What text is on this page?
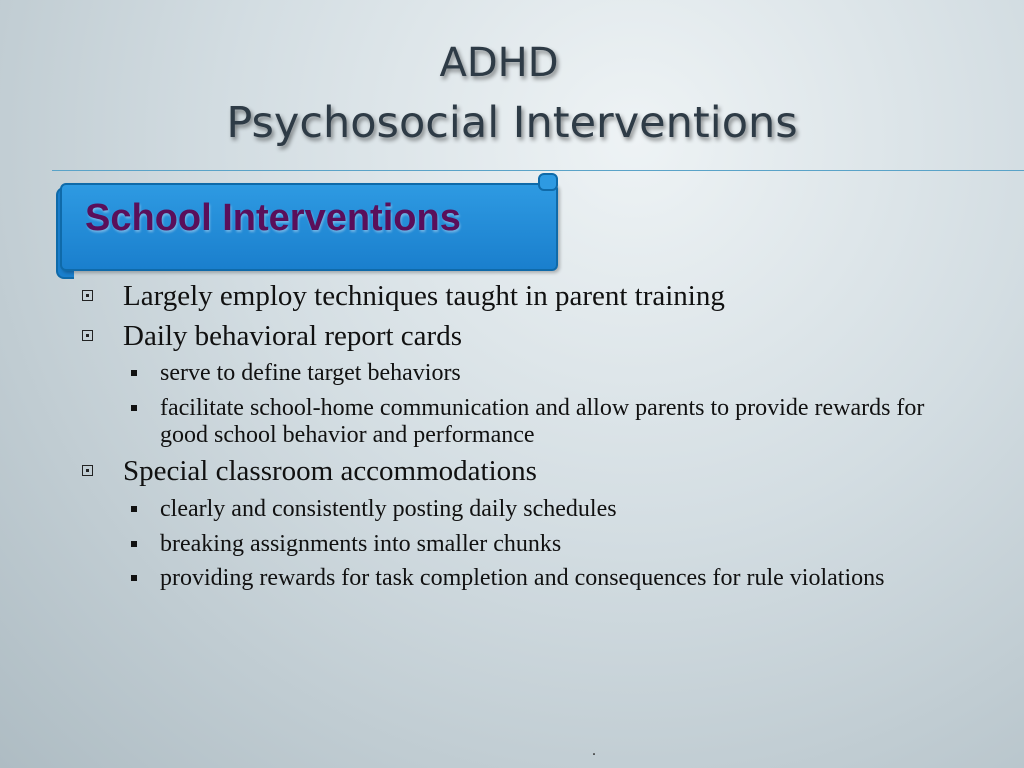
ADHD
Psychosocial Interventions
School Interventions
Largely employ techniques taught in parent training
Daily behavioral report cards
serve to define target behaviors
facilitate school-home communication and allow parents to provide rewards for good school behavior and performance
Special classroom accommodations
clearly and consistently posting daily schedules
breaking assignments into smaller chunks
providing rewards for task completion and consequences for rule violations
.
